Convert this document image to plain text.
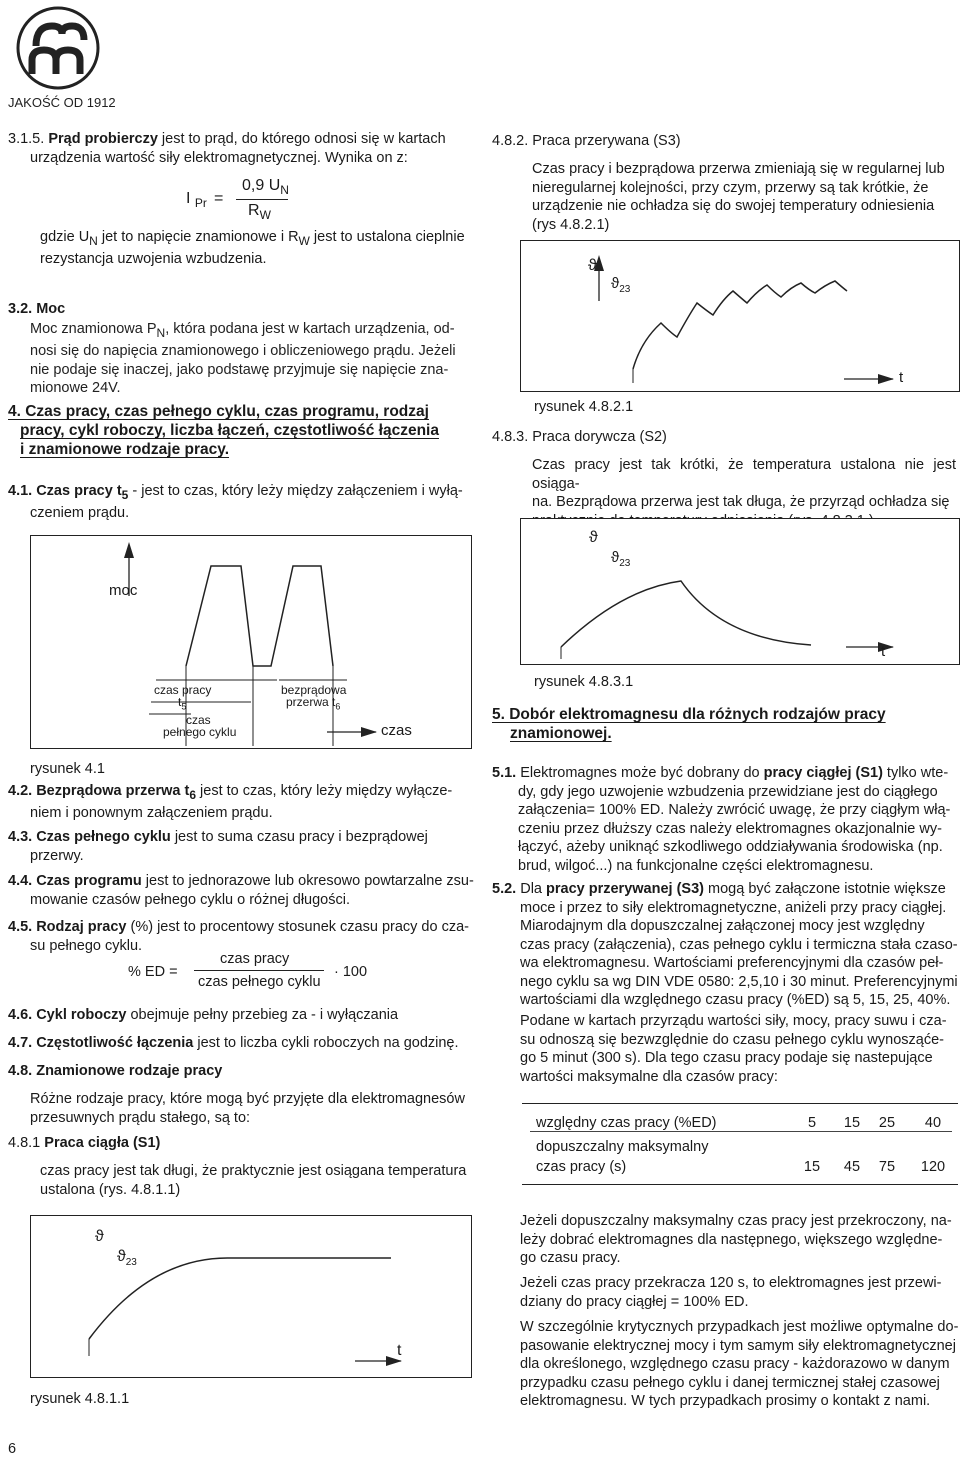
JAKOŚĆ OD 1912
3.1.5. Prąd probierczy jest to prąd, do którego odnosi się w kartach
urządzenia wartość siły elektromagnetycznej. Wynika on z:
I $_{Pr}$ =
0,9 $U_N$
$R_W$
gdzie $U_N$ jet to napięcie znamionowe i $R_W$ jest to ustalona cieplnie
rezystancja uzwojenia wzbudzenia.
3.2. Moc
Moc znamionowa $P_N$, która podana jest w kartach urządzenia, od-
nosi się do napięcia znamionowego i obliczeniowego prądu. Jeżeli
nie podaje się inaczej, jako podstawę przyjmuje się napięcie zna-
mionowe 24V.
4. Czas pracy, czas pełnego cyklu, czas programu, rodzaj
pracy, cykl roboczy, liczba łączeń, częstotliwość łączenia
i znamionowe rodzaje pracy.
4.1. Czas pracy $t_5$ - jest to czas, który leży między załączeniem i wyłą-
czeniem prądu.
moc
czas pracy
$t_5$
czas
pełnego cyklu
bezprądowa
przerwa $t_6$
czas
rysunek 4.1
4.2. Bezprądowa przerwa $t_6$ jest to czas, który leży między wyłącze-
niem i ponownym załączeniem prądu.
4.3. Czas pełnego cyklu jest to suma czasu pracy i bezprądowej
przerwy.
4.4. Czas programu jest to jednorazowe lub okresowo powtarzalne zsu-
mowanie czasów pełnego cyklu o różnej długości.
4.5. Rodzaj pracy (%) jest to procentowy stosunek czasu pracy do cza-
su pełnego cyklu.
% ED =
czas pracy
czas pełnego cyklu
· 100
4.6. Cykl roboczy obejmuje pełny przebieg za - i wyłączania
4.7. Częstotliwość łączenia jest to liczba cykli roboczych na godzinę.
4.8. Znamionowe rodzaje pracy
Różne rodzaje pracy, które mogą być przyjęte dla elektromagnesów
przesuwnych prądu stałego, są to:
4.8.1 Praca ciągła (S1)
czas pracy jest tak długi, że praktycznie jest osiągana temperatura
ustalona (rys. 4.8.1.1)
ϑ
$ϑ_{23}$
t
rysunek 4.8.1.1
6
4.8.2. Praca przerywana (S3)
Czas pracy i bezprądowa przerwa zmieniają się w regularnej lub
nieregularnej kolejności, przy czym, przerwy są tak krótkie, że
urządzenie nie ochładza się do swojej temperatury odniesienia
(rys 4.8.2.1)
ϑ
$ϑ_{23}$
t
rysunek 4.8.2.1
4.8.3. Praca dorywcza (S2)
Czas pracy jest tak krótki, że temperatura ustalona nie jest osiąga-
na. Bezprądowa przerwa jest tak długa, że przyrząd ochładza się
ϑ
$ϑ_{23}$
t
rysunek 4.8.3.1
5. Dobór elektromagnesu dla różnych rodzajów pracy
znamionowej.
5.1. Elektromagnes może być dobrany do pracy ciągłej (S1) tylko wte-
dy, gdy jego uzwojenie wzbudzenia przewidziane jest do ciągłego
załączenia= 100% ED. Należy zwrócić uwagę, że przy ciągłym włą-
czeniu przez dłuższy czas należy elektromagnes okazjonalnie wy-
łączyć, ażeby uniknąć szkodliwego oddziaływania środowiska (np.
brud, wilgoć...) na funkcjonalne części elektromagnesu.
5.2. Dla pracy przerywanej (S3) mogą być załączone istotnie większe
moce i przez to siły elektromagnetyczne, aniżeli przy pracy ciągłej.
Miarodajnym dla dopuszczalnej załączonej mocy jest względny
czas pracy (załączenia), czas pełnego cyklu i termiczna stała czaso-
wa elektromagnesu. Wartościami preferencyjnymi dla czasów peł-
nego cyklu sa wg DIN VDE 0580: 2,5,10 i 30 minut. Preferencyjnymi
wartościami dla względnego czasu pracy (%ED) są 5, 15, 25, 40%.
Podane w kartach przyrządu wartości siły, mocy, pracy suwu i cza-
su odnoszą się bezwzględnie do czasu pełnego cyklu wynosząće-
go 5 minut (300 s). Dla tego czasu pracy podaje się nastepujące
wartości maksymalne dla czasów pracy:
względny czas pracy (%ED)	5	15	25	40
dopuszczalny maksymalny
czas pracy (s)	15	45	75	120
Jeżeli dopuszczalny maksymalny czas pracy jest przekroczony, na-
leży dobrać elektromagnes dla następnego, większego względne-
go czasu pracy.
Jeżeli czas pracy przekracza 120 s, to elektromagnes jest przewi-
dziany do pracy ciągłej = 100% ED.
W szczególnie krytycznych przypadkach jest możliwe optymalne do-
pasowanie elektrycznej mocy i tym samym siły elektromagnetycznej
dla określonego, względnego czasu pracy - każdorazowo w danym
przypadku czasu pełnego cyklu i danej termicznej stałej czasowej
elektromagnesu. W tych przypadkach prosimy o kontakt z nami.
